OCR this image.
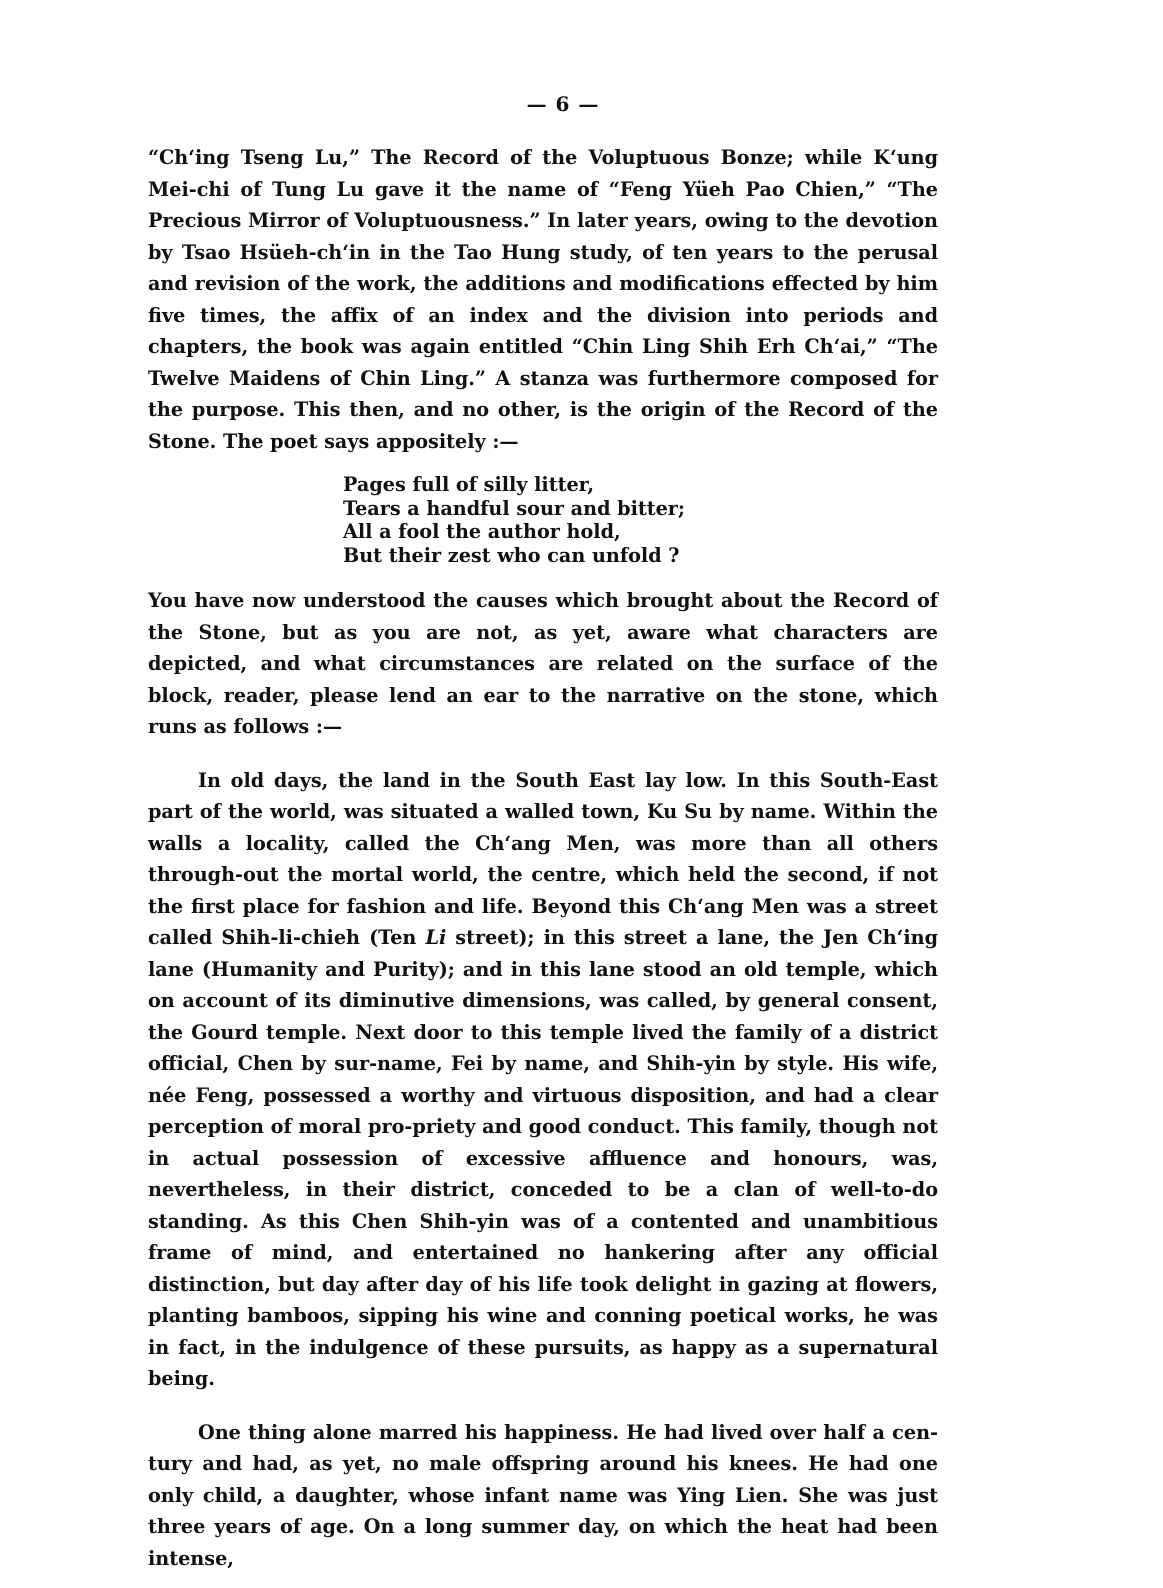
— 6 —

“Ch‘ing Tseng Lu,” The Record of the Voluptuous Bonze; while K‘ung Mei-chi of Tung Lu gave it the name of “Feng Yüeh Pao Chien,” “The Precious Mirror of Voluptuousness.” In later years, owing to the devotion by Tsao Hsüeh-ch‘in in the Tao Hung study, of ten years to the perusal and revision of the work, the additions and modifications effected by him five times, the affix of an index and the division into periods and chapters, the book was again entitled “Chin Ling Shih Erh Ch‘ai,” “The Twelve Maidens of Chin Ling.” A stanza was furthermore composed for the purpose. This then, and no other, is the origin of the Record of the Stone. The poet says appositely :—

Pages full of silly litter,
Tears a handful sour and bitter;
All a fool the author hold,
But their zest who can unfold ?

You have now understood the causes which brought about the Record of the Stone, but as you are not, as yet, aware what characters are depicted, and what circumstances are related on the surface of the block, reader, please lend an ear to the narrative on the stone, which runs as follows :—

In old days, the land in the South East lay low. In this South-East part of the world, was situated a walled town, Ku Su by name. Within the walls a locality, called the Ch‘ang Men, was more than all others through-out the mortal world, the centre, which held the second, if not the first place for fashion and life. Beyond this Ch‘ang Men was a street called Shih-li-chieh (Ten Li street); in this street a lane, the Jen Ch‘ing lane (Humanity and Purity); and in this lane stood an old temple, which on account of its diminutive dimensions, was called, by general consent, the Gourd temple. Next door to this temple lived the family of a district official, Chen by sur-name, Fei by name, and Shih-yin by style. His wife, née Feng, possessed a worthy and virtuous disposition, and had a clear perception of moral pro-priety and good conduct. This family, though not in actual possession of excessive affluence and honours, was, nevertheless, in their district, conceded to be a clan of well-to-do standing. As this Chen Shih-yin was of a contented and unambitious frame of mind, and entertained no hankering after any official distinction, but day after day of his life took delight in gazing at flowers, planting bamboos, sipping his wine and conning poetical works, he was in fact, in the indulgence of these pursuits, as happy as a supernatural being.

One thing alone marred his happiness. He had lived over half a cen-tury and had, as yet, no male offspring around his knees. He had one only child, a daughter, whose infant name was Ying Lien. She was just three years of age. On a long summer day, on which the heat had been intense,
